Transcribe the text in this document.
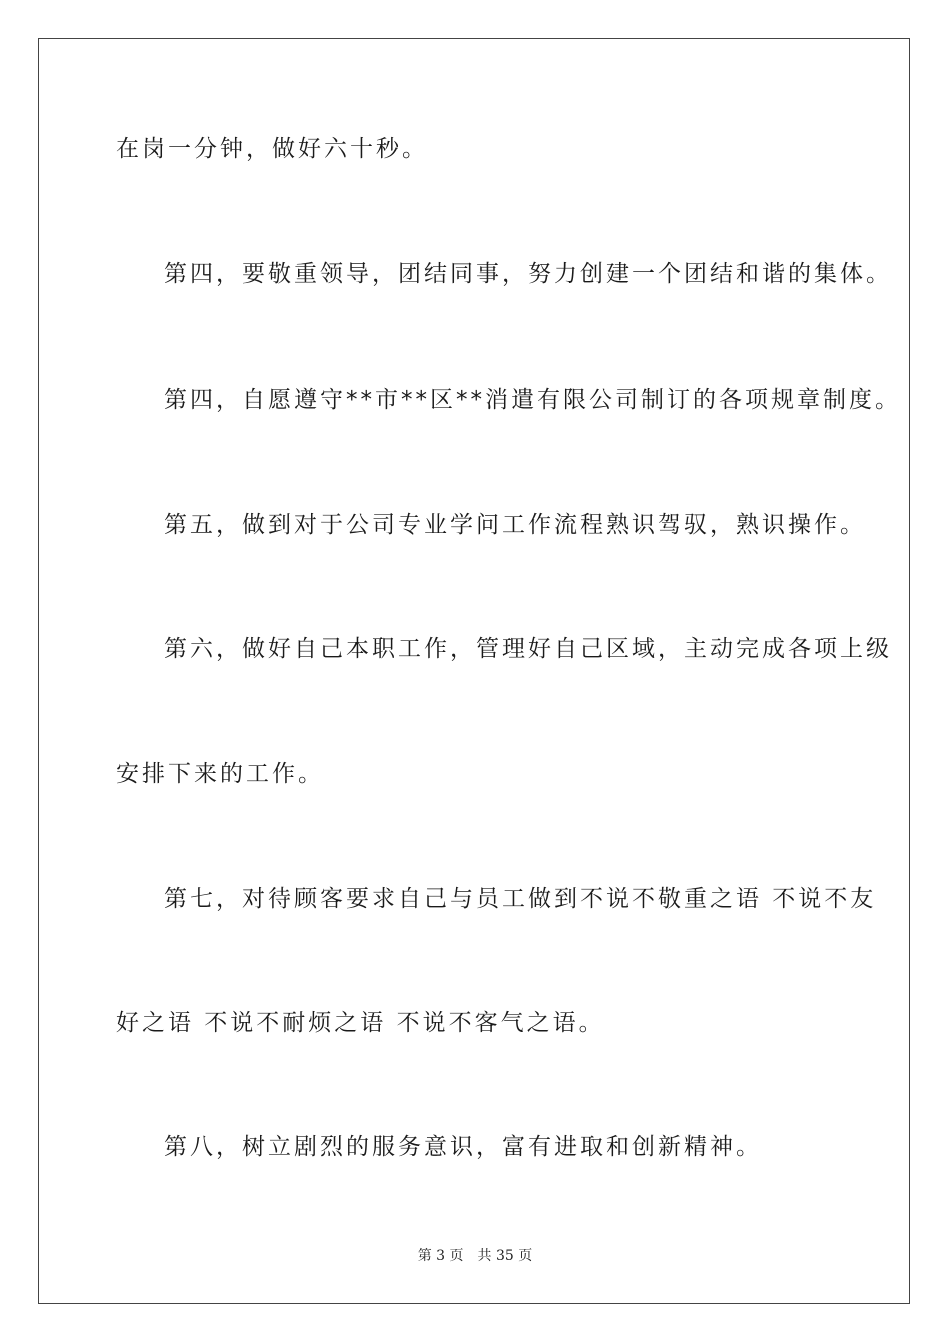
在岗一分钟，做好六十秒。
第四，要敬重领导，团结同事，努力创建一个团结和谐的集体。
第四，自愿遵守**市**区**消遣有限公司制订的各项规章制度。
第五，做到对于公司专业学问工作流程熟识驾驭，熟识操作。
第六，做好自己本职工作，管理好自己区域，主动完成各项上级
安排下来的工作。
第七，对待顾客要求自己与员工做到不说不敬重之语 不说不友
好之语 不说不耐烦之语 不说不客气之语。
第八，树立剧烈的服务意识，富有进取和创新精神。
第 3 页 共 35 页
